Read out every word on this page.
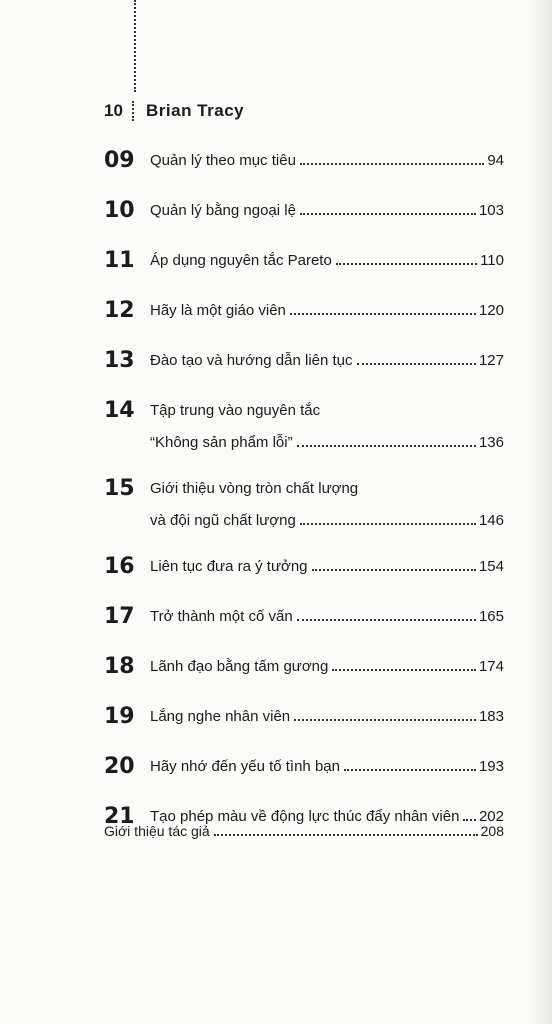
10 Brian Tracy
09	Quản lý theo mục tiêu	94
10	Quản lý bằng ngoại lệ	103
11	Áp dụng nguyên tắc Pareto	110
12	Hãy là một giáo viên	120
13	Đào tạo và hướng dẫn liên tục	127
14	Tập trung vào nguyên tắc
“Không sản phẩm lỗi”	136
15	Giới thiệu vòng tròn chất lượng
và đội ngũ chất lượng	146
16	Liên tục đưa ra ý tưởng	154
17	Trở thành một cố vấn	165
18	Lãnh đạo bằng tấm gương	174
19	Lắng nghe nhân viên	183
20	Hãy nhớ đến yếu tố tình bạn	193
21	Tạo phép màu về động lực thúc đẩy nhân viên 202
Giới thiệu tác giả	208
